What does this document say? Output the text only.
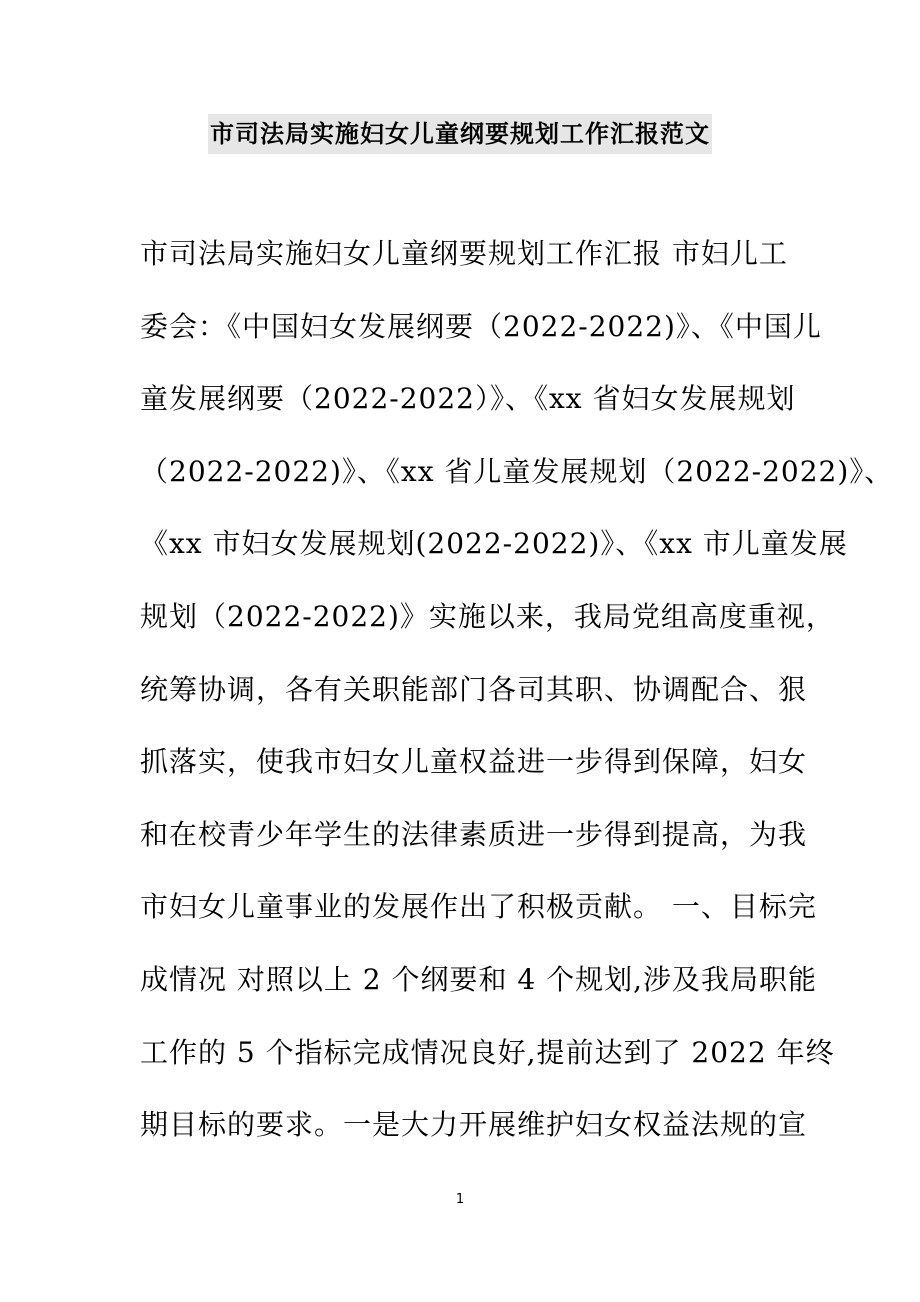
市司法局实施妇女儿童纲要规划工作汇报范文
市司法局实施妇女儿童纲要规划工作汇报 市妇儿工
委会：《中国妇女发展纲要（2022-2022)》、《中国儿
童发展纲要（2022-2022）》、《xx 省妇女发展规划
（2022-2022)》、《xx 省儿童发展规划（2022-2022)》、
《xx 市妇女发展规划(2022-2022)》、《xx 市儿童发展
规划（2022-2022)》实施以来，我局党组高度重视，
统筹协调，各有关职能部门各司其职、协调配合、狠
抓落实，使我市妇女儿童权益进一步得到保障，妇女
和在校青少年学生的法律素质进一步得到提高，为我
市妇女儿童事业的发展作出了积极贡献。 一、目标完
成情况 对照以上 2 个纲要和 4 个规划,涉及我局职能
工作的 5 个指标完成情况良好,提前达到了 2022 年终
期目标的要求。一是大力开展维护妇女权益法规的宣
1
